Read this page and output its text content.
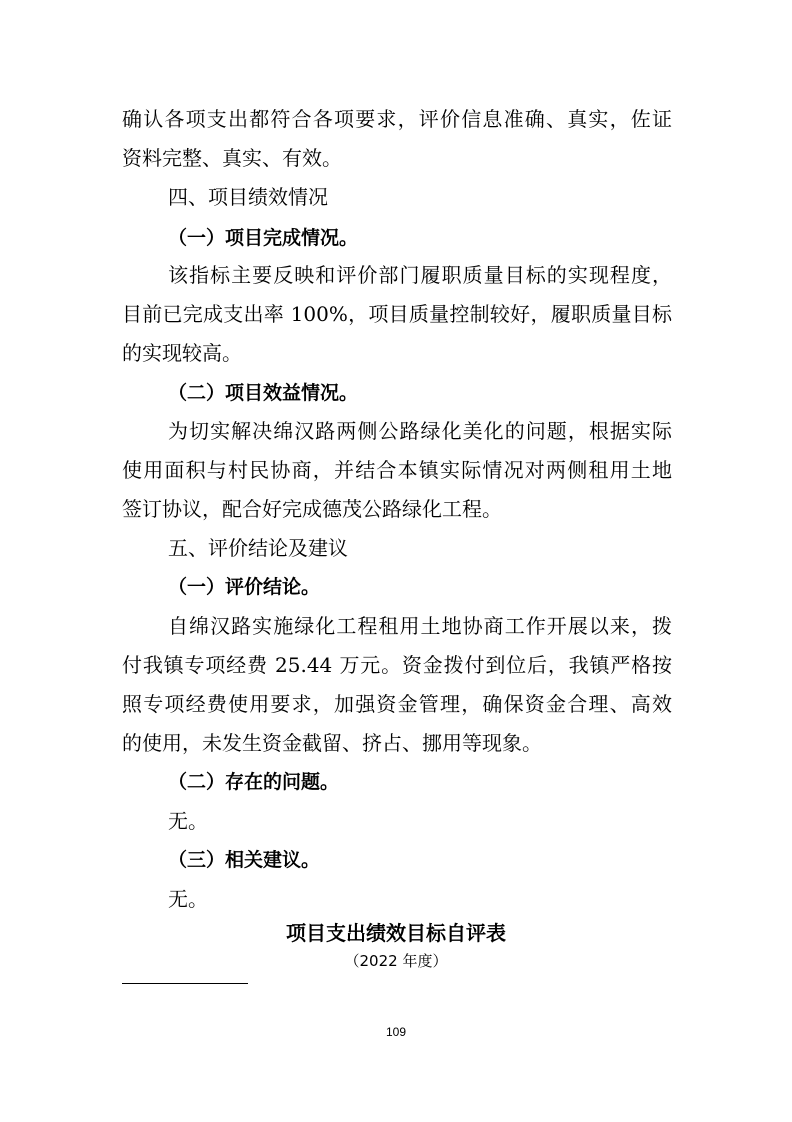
确认各项支出都符合各项要求，评价信息准确、真实，佐证
资料完整、真实、有效。
四、项目绩效情况
（一）项目完成情况。
该指标主要反映和评价部门履职质量目标的实现程度，
目前已完成支出率 100%，项目质量控制较好，履职质量目标
的实现较高。
（二）项目效益情况。
为切实解决绵汉路两侧公路绿化美化的问题，根据实际
使用面积与村民协商，并结合本镇实际情况对两侧租用土地
签订协议，配合好完成德茂公路绿化工程。
五、评价结论及建议
（一）评价结论。
自绵汉路实施绿化工程租用土地协商工作开展以来，拨
付我镇专项经费 25.44 万元。资金拨付到位后，我镇严格按
照专项经费使用要求，加强资金管理，确保资金合理、高效
的使用，未发生资金截留、挤占、挪用等现象。
（二）存在的问题。
无。
（三）相关建议。
无。
项目支出绩效目标自评表
（2022 年度）
109
